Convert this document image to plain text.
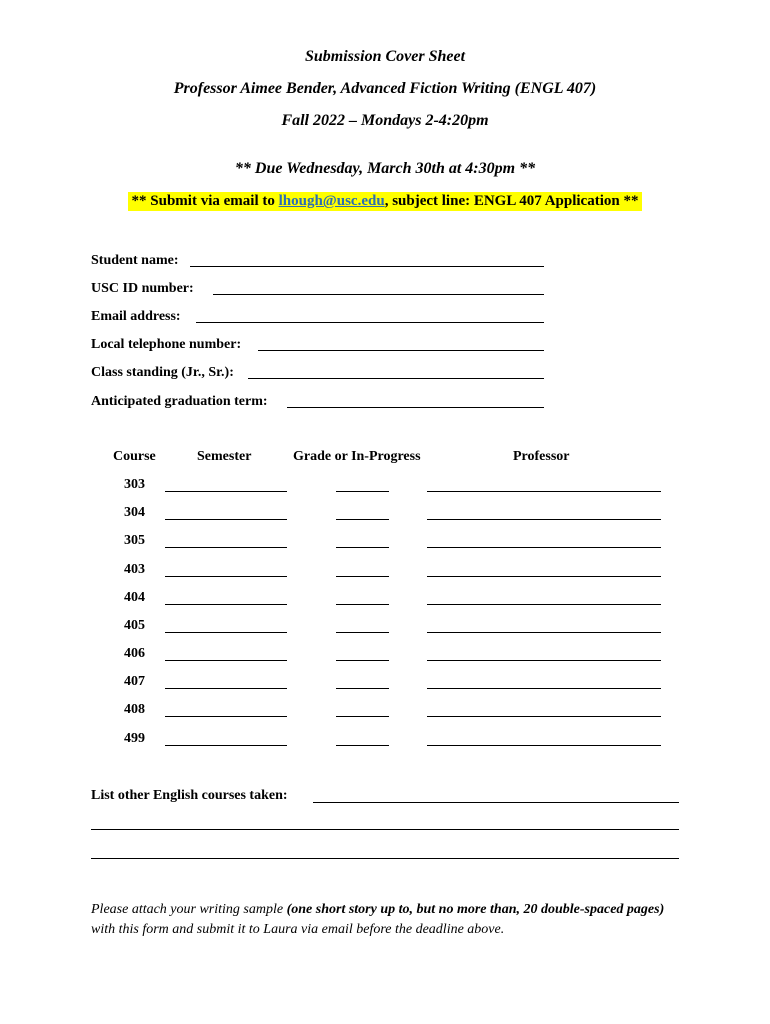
Submission Cover Sheet
Professor Aimee Bender, Advanced Fiction Writing (ENGL 407)
Fall 2022 – Mondays 2-4:20pm
** Due Wednesday, March 30th at 4:30pm **
** Submit via email to lhough@usc.edu, subject line: ENGL 407 Application **
Student name:
USC ID number:
Email address:
Local telephone number:
Class standing (Jr., Sr.):
Anticipated graduation term:
Course	Semester	Grade or In-Progress	Professor
303
304
305
403
404
405
406
407
408
499
List other English courses taken:
Please attach your writing sample (one short story up to, but no more than, 20 double-spaced pages) with this form and submit it to Laura via email before the deadline above.
